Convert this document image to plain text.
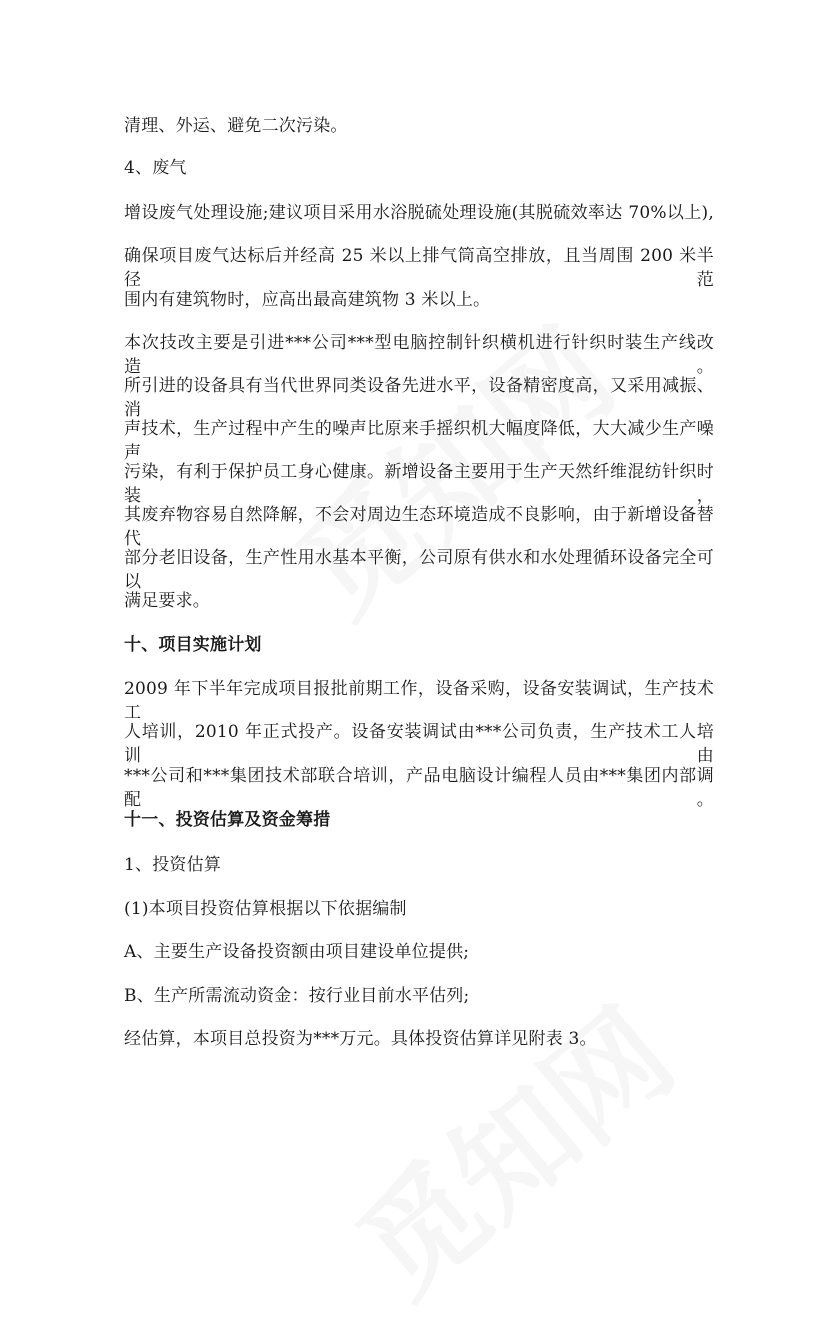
清理、外运、避免二次污染。
4、废气
增设废气处理设施;建议项目采用水浴脱硫处理设施(其脱硫效率达 70%以上),
确保项目废气达标后并经高 25 米以上排气筒高空排放，且当周围 200 米半径范
围内有建筑物时，应高出最高建筑物 3 米以上。
本次技改主要是引进***公司***型电脑控制针织横机进行针织时装生产线改造。
所引进的设备具有当代世界同类设备先进水平，设备精密度高，又采用减振、消
声技术，生产过程中产生的噪声比原来手摇织机大幅度降低，大大减少生产噪声
污染，有利于保护员工身心健康。新增设备主要用于生产天然纤维混纺针织时装，
其废弃物容易自然降解，不会对周边生态环境造成不良影响，由于新增设备替代
部分老旧设备，生产性用水基本平衡，公司原有供水和水处理循环设备完全可以
满足要求。
十、项目实施计划
2009 年下半年完成项目报批前期工作，设备采购，设备安装调试，生产技术工
人培训，2010 年正式投产。设备安装调试由***公司负责，生产技术工人培训由
***公司和***集团技术部联合培训，产品电脑设计编程人员由***集团内部调配。
十一、投资估算及资金筹措
1、投资估算
(1)本项目投资估算根据以下依据编制
A、主要生产设备投资额由项目建设单位提供;
B、生产所需流动资金：按行业目前水平估列;
经估算，本项目总投资为***万元。具体投资估算详见附表 3。
